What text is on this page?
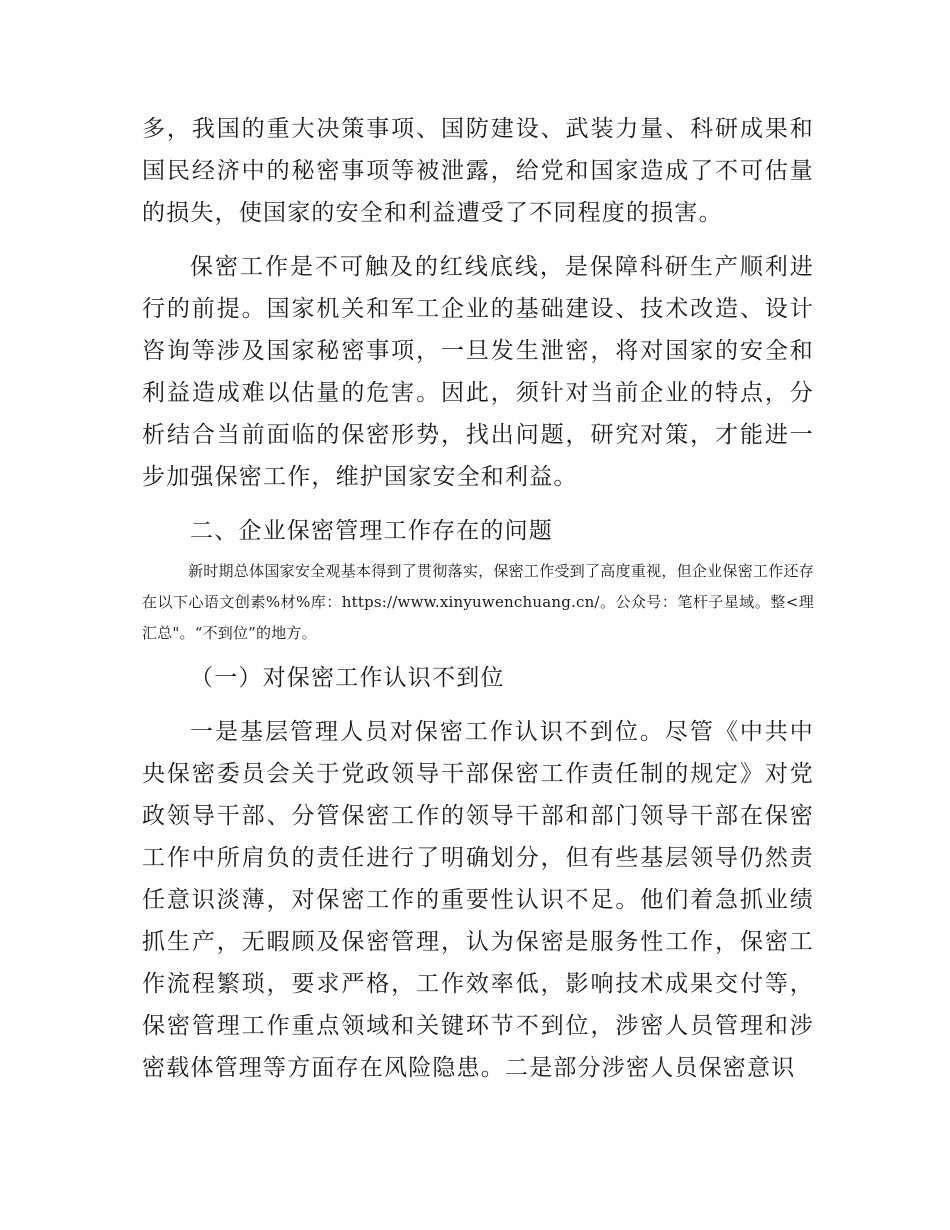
多，我国的重大决策事项、国防建设、武装力量、科研成果和国民经济中的秘密事项等被泄露，给党和国家造成了不可估量的损失，使国家的安全和利益遭受了不同程度的损害。

保密工作是不可触及的红线底线，是保障科研生产顺利进行的前提。国家机关和军工企业的基础建设、技术改造、设计咨询等涉及国家秘密事项，一旦发生泄密，将对国家的安全和利益造成难以估量的危害。因此，须针对当前企业的特点，分析结合当前面临的保密形势，找出问题，研究对策，才能进一步加强保密工作，维护国家安全和利益。

二、企业保密管理工作存在的问题

新时期总体国家安全观基本得到了贯彻落实，保密工作受到了高度重视，但企业保密工作还存在以下心语文创素%材%库：https://www.xinyuwenchuang.cn/。公众号：笔杆子星域。整<理汇总"。“不到位”的地方。

（一）对保密工作认识不到位

一是基层管理人员对保密工作认识不到位。尽管《中共中央保密委员会关于党政领导干部保密工作责任制的规定》对党政领导干部、分管保密工作的领导干部和部门领导干部在保密工作中所肩负的责任进行了明确划分，但有些基层领导仍然责任意识淡薄，对保密工作的重要性认识不足。他们着急抓业绩抓生产，无暇顾及保密管理，认为保密是服务性工作，保密工作流程繁琐，要求严格，工作效率低，影响技术成果交付等，保密管理工作重点领域和关键环节不到位，涉密人员管理和涉密载体管理等方面存在风险隐患。二是部分涉密人员保密意识
